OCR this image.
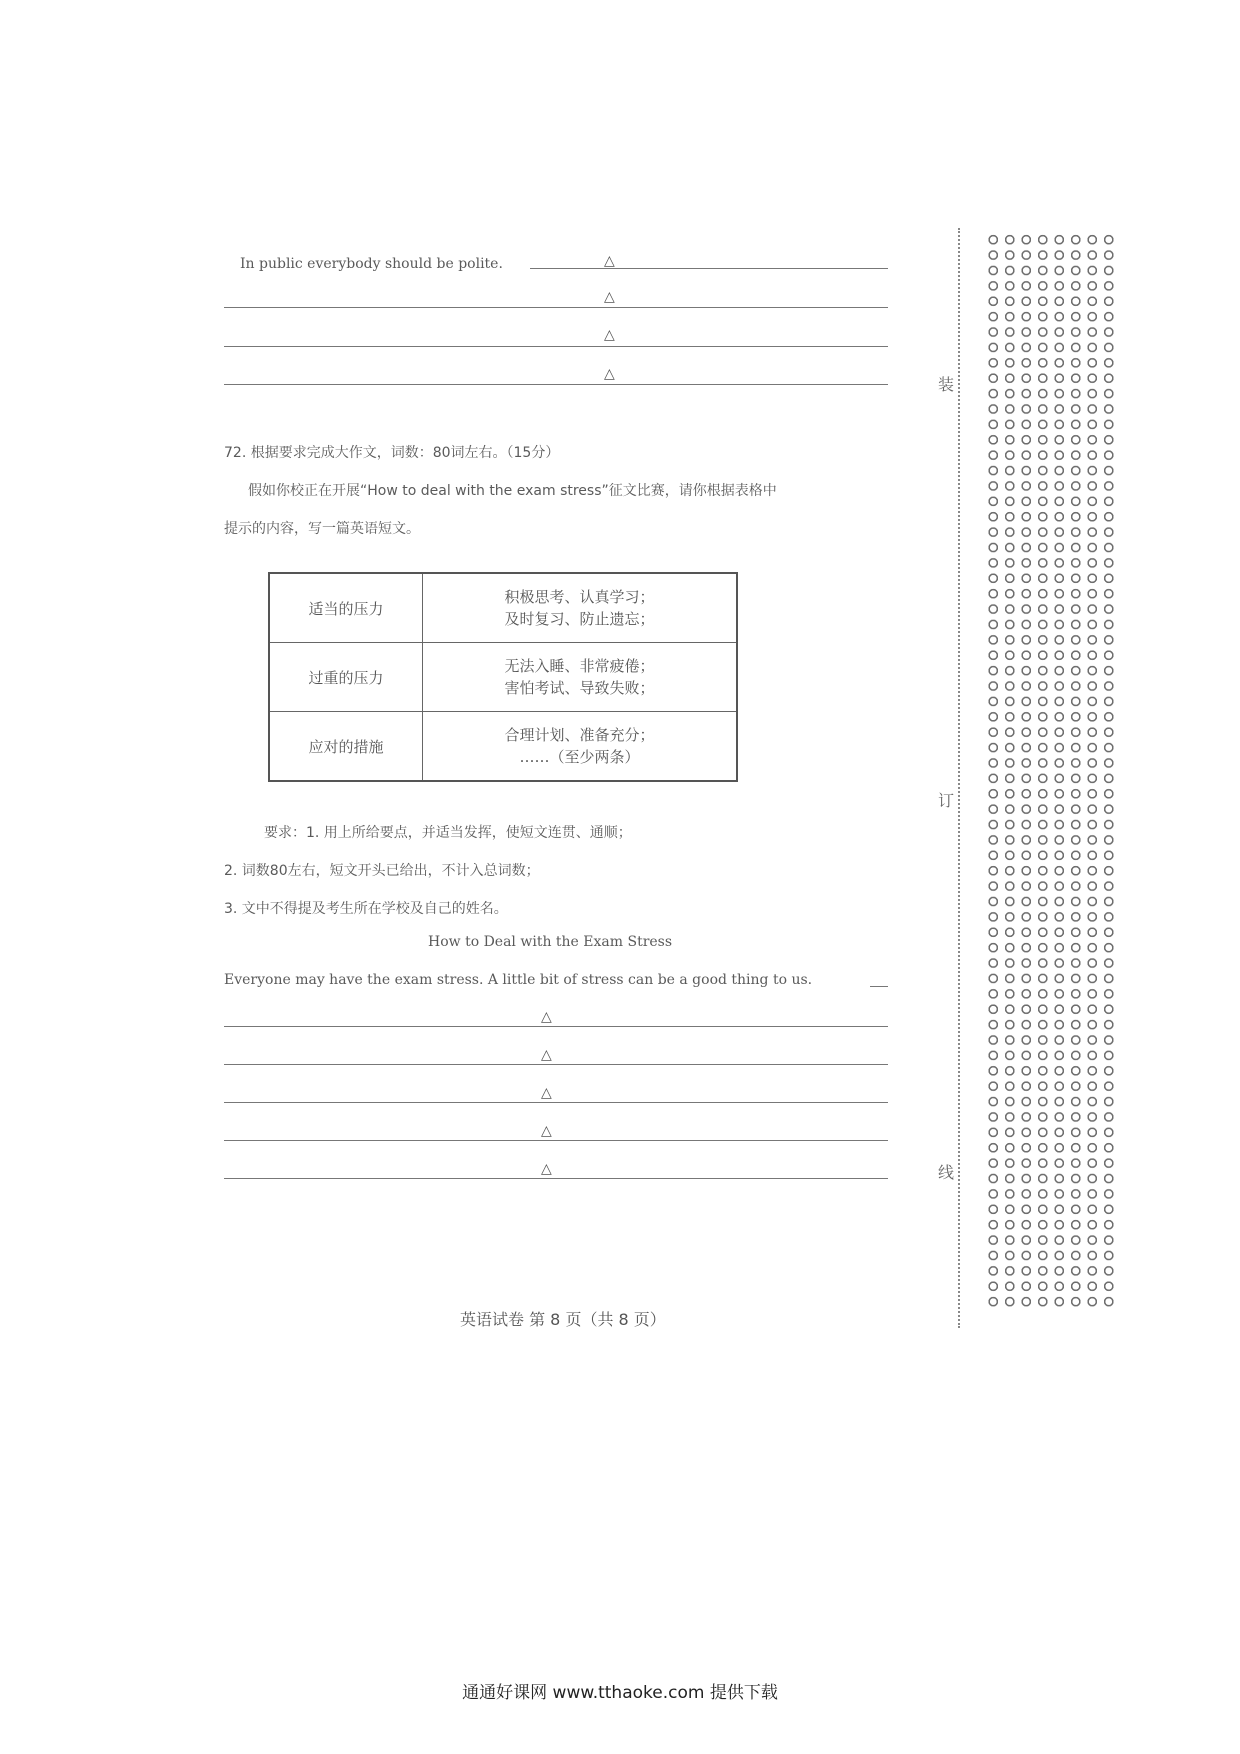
In public everybody should be polite.	△
△
△
△
72. 根据要求完成大作文，词数：80词左右。（15分）
假如你校正在开展“How to deal with the exam stress”征文比赛，请你根据表格中
提示的内容，写一篇英语短文。
适当的压力	积极思考、认真学习；
及时复习、防止遗忘；

过重的压力	无法入睡、非常疲倦；
害怕考试、导致失败；

应对的措施	合理计划、准备充分；
……（至少两条）
要求：1. 用上所给要点，并适当发挥，使短文连贯、通顺；
2. 词数80左右，短文开头已给出，不计入总词数；
3. 文中不得提及考生所在学校及自己的姓名。
How to Deal with the Exam Stress
Everyone may have the exam stress. A little bit of stress can be a good thing to us.
△
△
△
△
△
装
订
线
英语试卷 第 8 页（共 8 页）
通通好课网 www.tthaoke.com 提供下载
